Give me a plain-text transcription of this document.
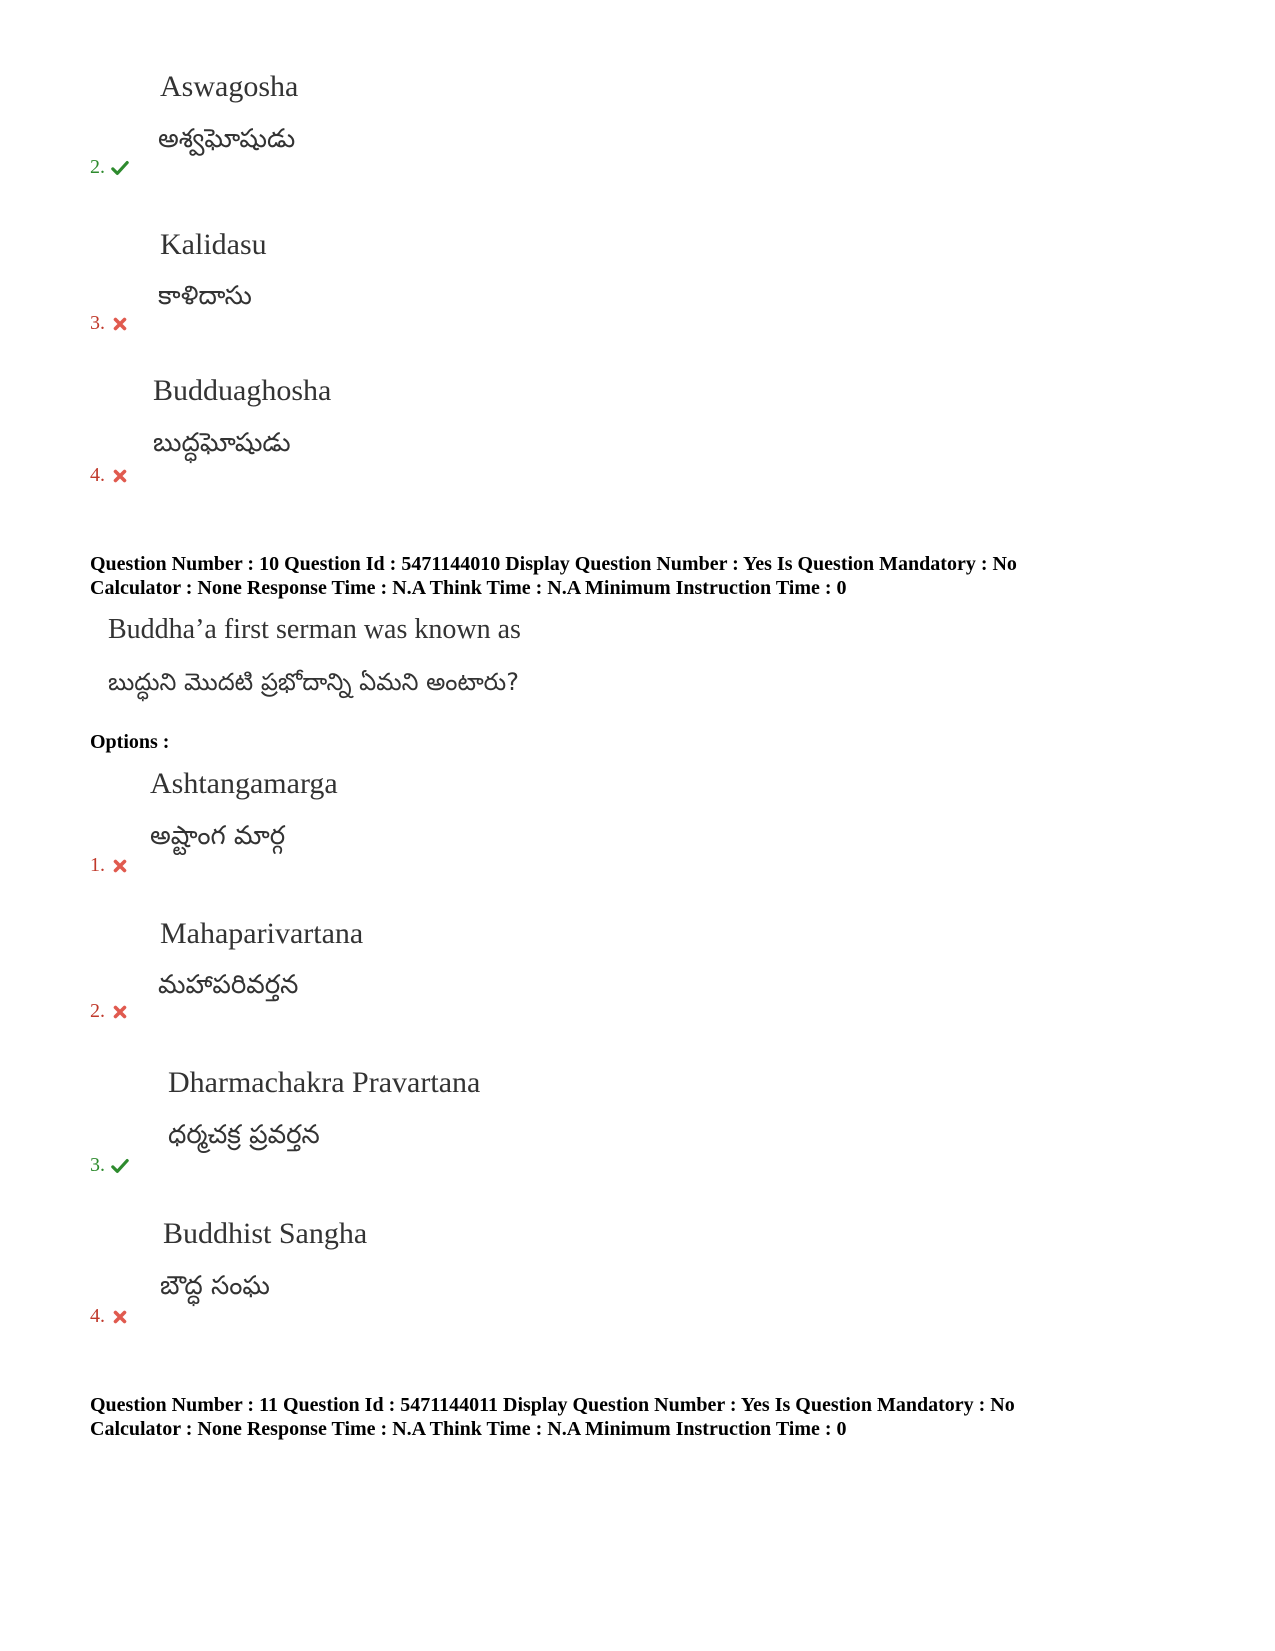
Aswagosha
అశ్వఘోషుడు
2.
Kalidasu
కాళిదాసు
3.
Budduaghosha
బుద్ధఘోషుడు
4.
Question Number : 10 Question Id : 5471144010 Display Question Number : Yes Is Question Mandatory : No
Calculator : None Response Time : N.A Think Time : N.A Minimum Instruction Time : 0
Buddha’a first serman was known as
బుద్ధుని మొదటి ప్రభోదాన్ని ఏమని అంటారు?
Options :
Ashtangamarga
అష్టాంగ మార్గ
1.
Mahaparivartana
మహాపరివర్తన
2.
Dharmachakra Pravartana
ధర్మచక్ర ప్రవర్తన
3.
Buddhist Sangha
బౌద్ధ సంఘ
4.
Question Number : 11 Question Id : 5471144011 Display Question Number : Yes Is Question Mandatory : No
Calculator : None Response Time : N.A Think Time : N.A Minimum Instruction Time : 0
